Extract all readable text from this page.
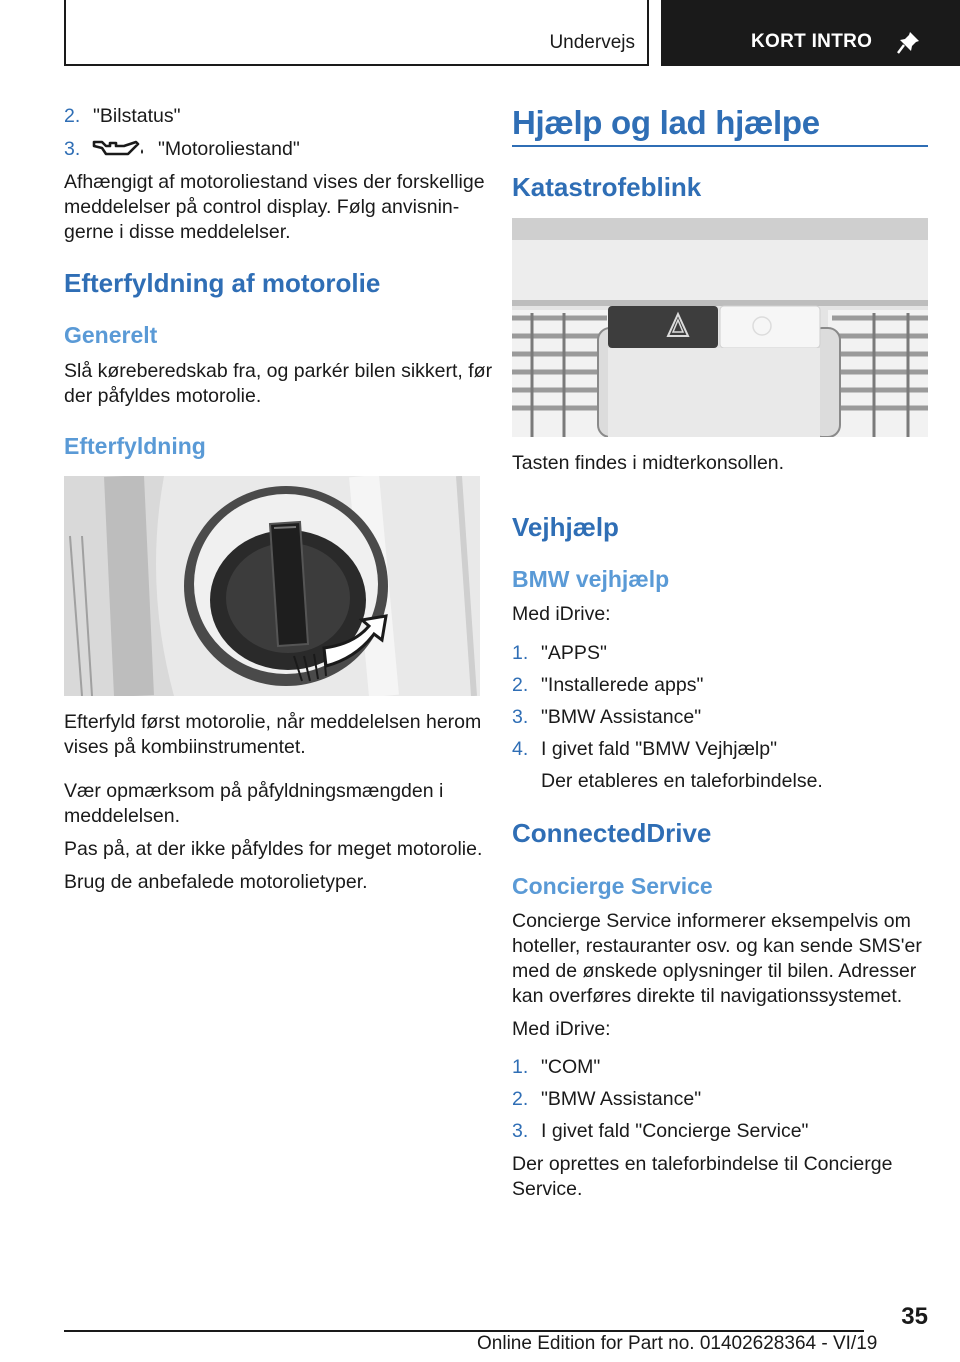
Undervejs	KORT INTRO
2. "Bilstatus"
3.	"Motoroliestand"
Afhængigt af motoroliestand vises der forskellige
meddelelser på control display. Følg anvisnin-
gerne i disse meddelelser.
Efterfyldning af motorolie
Generelt
Slå køreberedskab fra, og parkér bilen sikkert, før
der påfyldes motorolie.
Efterfyldning
Efterfyld først motorolie, når meddelelsen herom
vises på kombiinstrumentet.
Vær opmærksom på påfyldningsmængden i
meddelelsen.
Pas på, at der ikke påfyldes for meget motorolie.
Brug de anbefalede motorolietyper.
Hjælp og lad hjælpe
Katastrofeblink
Tasten findes i midterkonsollen.
Vejhjælp
BMW vejhjælp
Med iDrive:
1. "APPS"
2. "Installerede apps"
3. "BMW Assistance"
4. I givet fald "BMW Vejhjælp"
Der etableres en taleforbindelse.
ConnectedDrive
Concierge Service
Concierge Service informerer eksempelvis om
hoteller, restauranter osv. og kan sende SMS'er
med de ønskede oplysninger til bilen. Adresser
kan overføres direkte til navigationssystemet.
Med iDrive:
1. "COM"
2. "BMW Assistance"
3. I givet fald "Concierge Service"
Der oprettes en taleforbindelse til Concierge
Service.
35
Online Edition for Part no. 01402628364 - VI/19
